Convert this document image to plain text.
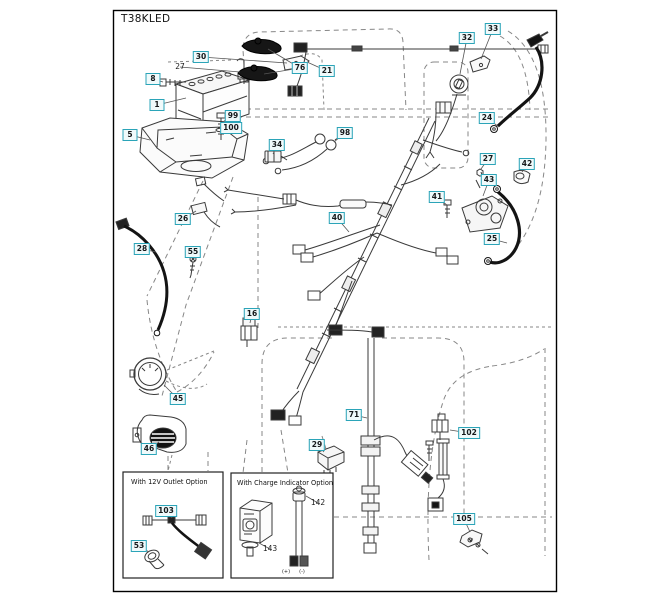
T38KLED
With 12V Outlet Option	With Charge Indicator Option
30
8
1
5
76	21
99
100
34
98
32
33
24
27
42
43
25
41
40
26
28	55
16
45
46	29
71
102
105
103
53
27
142
143
(+) (-)
